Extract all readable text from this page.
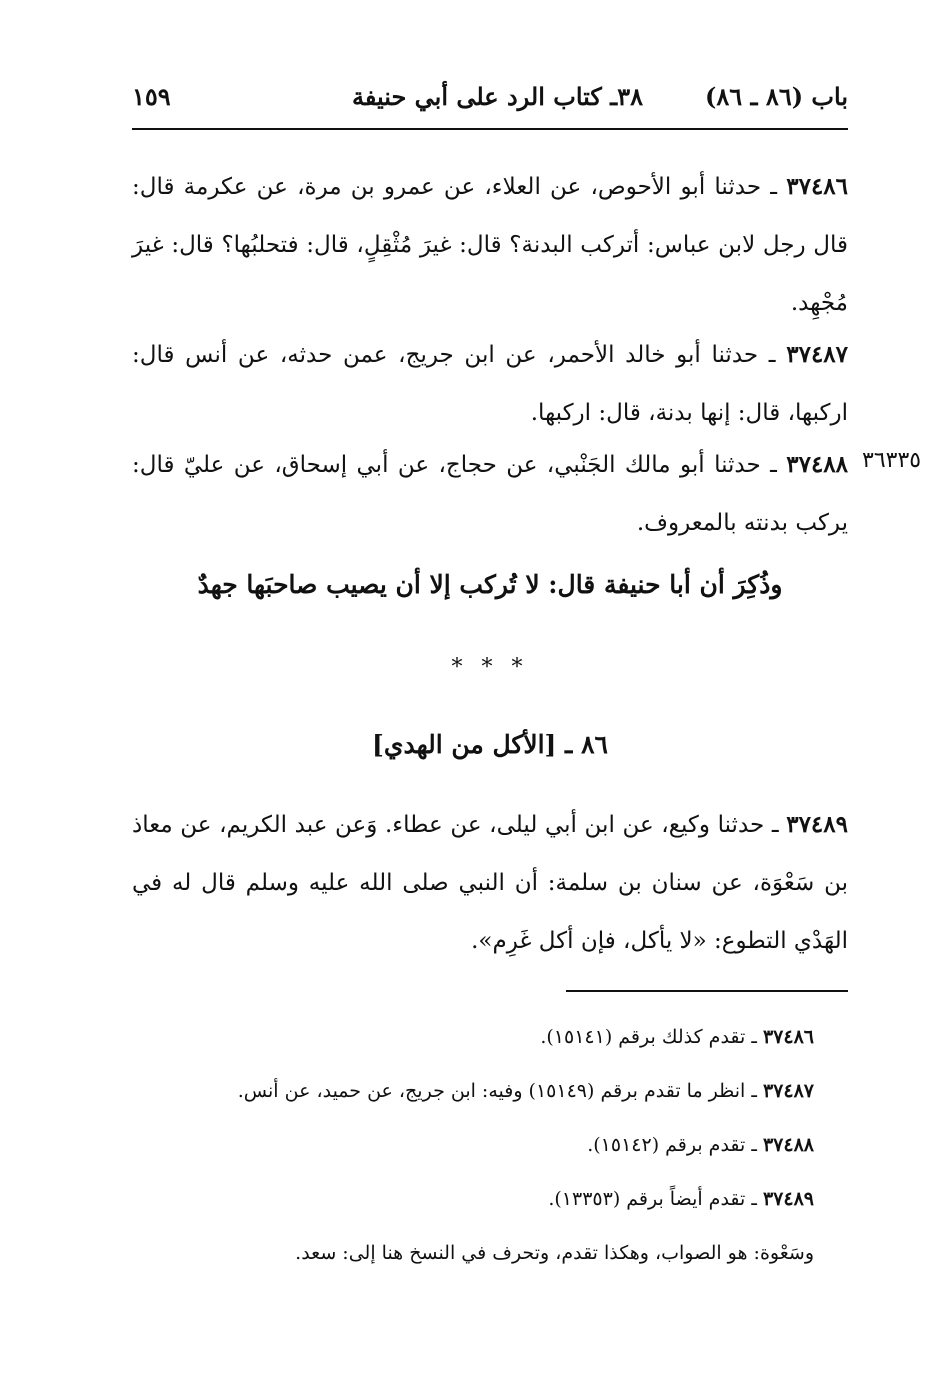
باب (٨٦ ـ ٨٦)
٣٨ـ كتاب الرد على أبي حنيفة
١٥٩
٣٧٤٨٦ ـ حدثنا أبو الأحوص، عن العلاء، عن عمرو بن مرة، عن عكرمة قال: قال رجل لابن عباس: أتركب البدنة؟ قال: غيرَ مُثْقِلٍ، قال: فتحلبُها؟ قال: غيرَ مُجْهِد.
٣٧٤٨٧ ـ حدثنا أبو خالد الأحمر، عن ابن جريج، عمن حدثه، عن أنس قال: اركبها، قال: إنها بدنة، قال: اركبها.
٣٦٣٣٥
٣٧٤٨٨ ـ حدثنا أبو مالك الجَنْبي، عن حجاج، عن أبي إسحاق، عن عليّ قال: يركب بدنته بالمعروف.
وذُكِرَ أن أبا حنيفة قال: لا تُركب إلا أن يصيب صاحبَها جهدٌ
* * *
٨٦ ـ [الأكل من الهدي]
٣٧٤٨٩ ـ حدثنا وكيع، عن ابن أبي ليلى، عن عطاء. وَعن عبد الكريم، عن معاذ بن سَعْوَة، عن سنان بن سلمة: أن النبي صلى الله عليه وسلم قال له في الهَدْي التطوع: «لا يأكل، فإن أكل غَرِم».
٣٧٤٨٦ ـ تقدم كذلك برقم (١٥١٤١).
٣٧٤٨٧ ـ انظر ما تقدم برقم (١٥١٤٩) وفيه: ابن جريج، عن حميد، عن أنس.
٣٧٤٨٨ ـ تقدم برقم (١٥١٤٢).
٣٧٤٨٩ ـ تقدم أيضاً برقم (١٣٣٥٣).
وسَعْوة: هو الصواب، وهكذا تقدم، وتحرف في النسخ هنا إلى: سعد.
